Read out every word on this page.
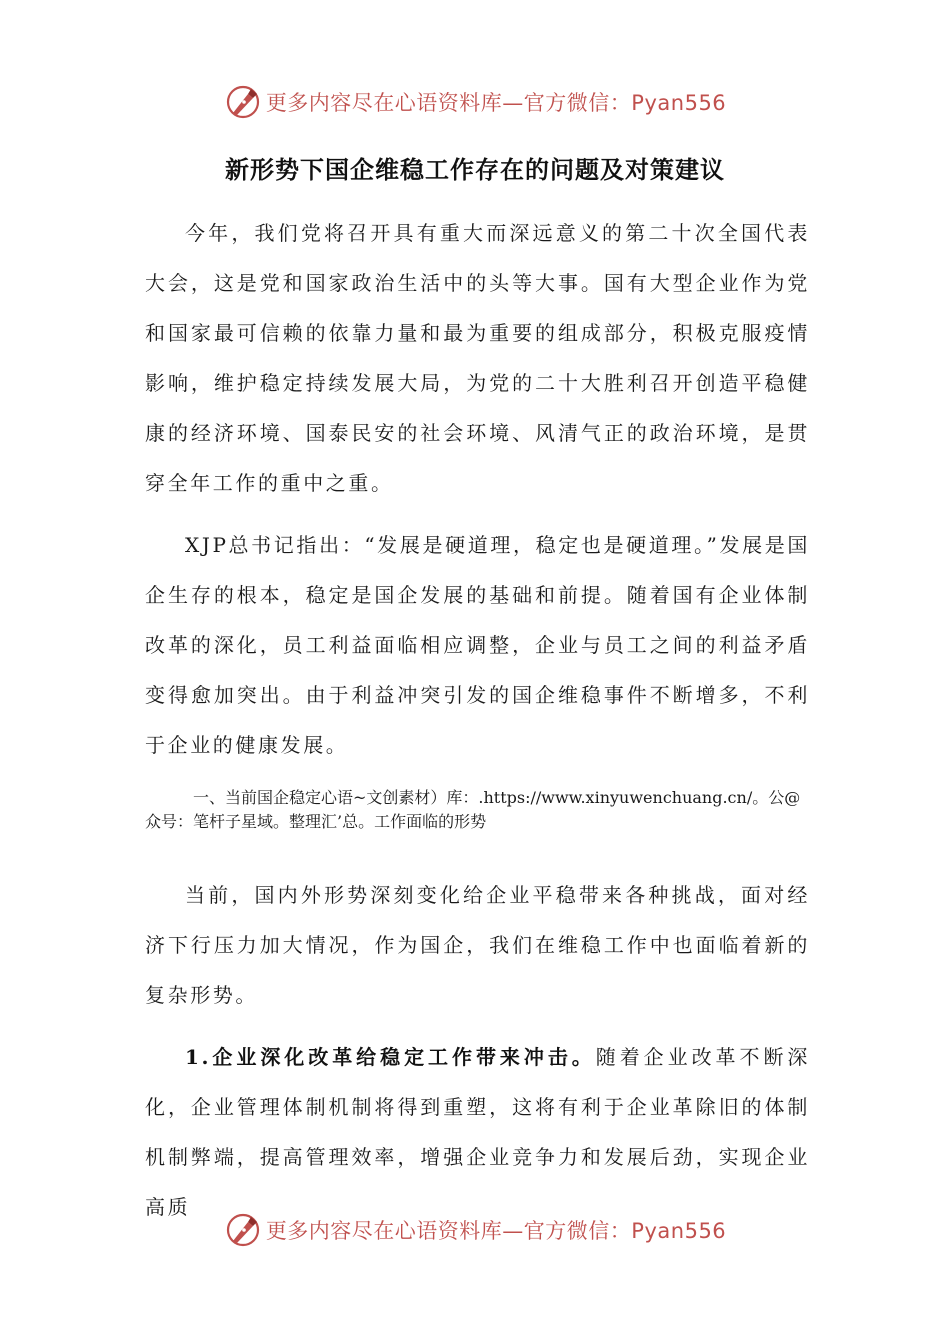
更多内容尽在心语资料库—官方微信：Pyan556
新形势下国企维稳工作存在的问题及对策建议

今年，我们党将召开具有重大而深远意义的第二十次全国代表大会，这是党和国家政治生活中的头等大事。国有大型企业作为党和国家最可信赖的依靠力量和最为重要的组成部分，积极克服疫情影响，维护稳定持续发展大局，为党的二十大胜利召开创造平稳健康的经济环境、国泰民安的社会环境、风清气正的政治环境，是贯穿全年工作的重中之重。

XJP总书记指出：“发展是硬道理，稳定也是硬道理。”发展是国企生存的根本，稳定是国企发展的基础和前提。随着国有企业体制改革的深化，员工利益面临相应调整，企业与员工之间的利益矛盾变得愈加突出。由于利益冲突引发的国企维稳事件不断增多，不利于企业的健康发展。

一、当前国企稳定心语~文创素材）库：.https://www.xinyuwenchuang.cn/。公@众号：笔杆子星域。整理汇’总。工作面临的形势

当前，国内外形势深刻变化给企业平稳带来各种挑战，面对经济下行压力加大情况，作为国企，我们在维稳工作中也面临着新的复杂形势。

1.企业深化改革给稳定工作带来冲击。随着企业改革不断深化，企业管理体制机制将得到重塑，这将有利于企业革除旧的体制机制弊端，提高管理效率，增强企业竞争力和发展后劲，实现企业高质

更多内容尽在心语资料库—官方微信：Pyan556
